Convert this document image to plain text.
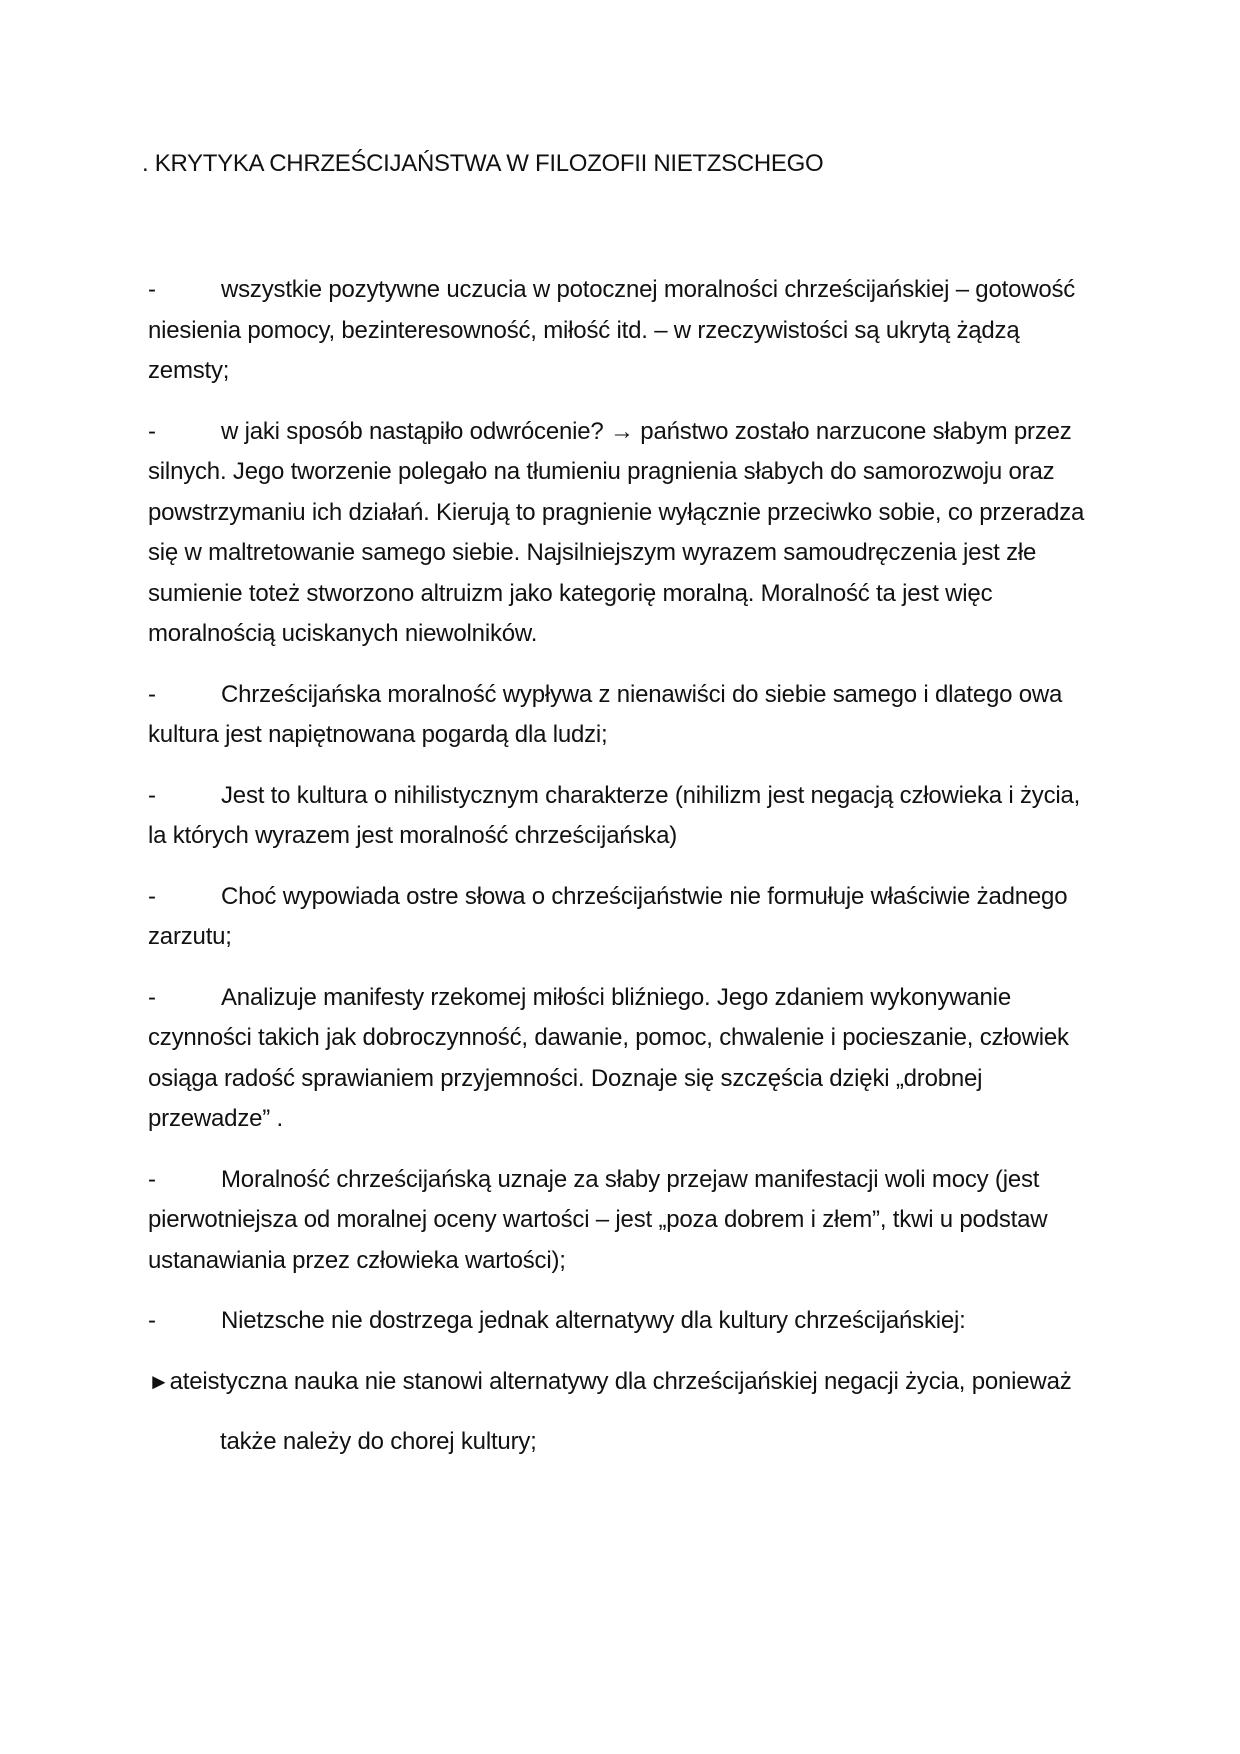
. KRYTYKA CHRZEŚCIJAŃSTWA W FILOZOFII NIETZSCHEGO
-	wszystkie pozytywne uczucia w potocznej moralności chrześcijańskiej – gotowość niesienia pomocy, bezinteresowność, miłość itd. – w rzeczywistości są ukrytą żądzą zemsty;
-	w jaki sposób nastąpiło odwrócenie? → państwo zostało narzucone słabym przez silnych. Jego tworzenie polegało na tłumieniu pragnienia słabych do samorozwoju oraz powstrzymaniu ich działań. Kierują to pragnienie wyłącznie przeciwko sobie, co przeradza się w maltretowanie samego siebie. Najsilniejszym wyrazem samoudręczenia jest złe sumienie toteż stworzono altruizm jako kategorię moralną. Moralność ta jest więc moralnością uciskanych niewolników.
-	Chrześcijańska moralność wypływa z nienawiści do siebie samego i dlatego owa kultura jest napiętnowana pogardą dla ludzi;
-	Jest to kultura o nihilistycznym charakterze (nihilizm jest negacją człowieka i życia, la których wyrazem jest moralność chrześcijańska)
-	Choć wypowiada ostre słowa o chrześcijaństwie nie formułuje właściwie żadnego zarzutu;
-	Analizuje manifesty rzekomej miłości bliźniego. Jego zdaniem wykonywanie czynności takich jak dobroczynność, dawanie, pomoc, chwalenie i pocieszanie, człowiek osiąga radość sprawianiem przyjemności. Doznaje się szczęścia dzięki „drobnej przewadze” .
-	Moralność chrześcijańską uznaje za słaby przejaw manifestacji woli mocy (jest pierwotniejsza od moralnej oceny wartości – jest „poza dobrem i złem”, tkwi u podstaw ustanawiania przez człowieka wartości);
-	Nietzsche nie dostrzega jednak alternatywy dla kultury chrześcijańskiej:

►ateistyczna nauka nie stanowi alternatywy dla chrześcijańskiej negacji życia, ponieważ

także należy do chorej kultury;
